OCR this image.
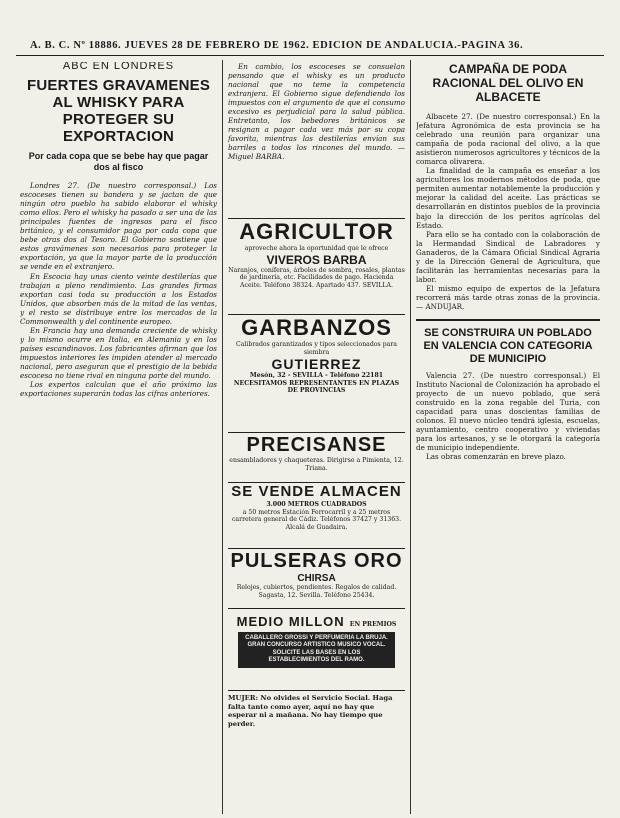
A. B. C. Nº 18886. JUEVES 28 DE FEBRERO DE 1962. EDICION DE ANDALUCIA.-PAGINA 36.
ABC EN LONDRES
FUERTES GRAVAMENES AL WHISKY PARA PROTEGER SU EXPORTACION
Por cada copa que se bebe hay que pagar dos al fisco

Londres 27. (De nuestro corresponsal.) Los escoceses tienen su bandera y se jactan de que ningún otro pueblo ha sabido elaborar el whisky como ellos. Pero el whisky ha pasado a ser una de las principales fuentes de ingresos para el fisco británico, y el consumidor paga por cada copa que bebe otras dos al Tesoro. El Gobierno sostiene que estos gravámenes son necesarios para proteger la exportación, ya que la mayor parte de la producción se vende en el extranjero.

En Escocia hay unas ciento veinte destilerías que trabajan a pleno rendimiento. Las grandes firmas exportan casi toda su producción a los Estados Unidos, que absorben más de la mitad de las ventas, y el resto se distribuye entre los mercados de la Commonwealth y del continente europeo.

En Francia hay una demanda creciente de whisky y lo mismo ocurre en Italia, en Alemania y en los países escandinavos. Los fabricantes afirman que los impuestos interiores les impiden atender al mercado nacional, pero aseguran que el prestigio de la bebida escocesa no tiene rival en ninguna parte del mundo.

Los expertos calculan que el año próximo las exportaciones superarán todas las cifras anteriores.

En cambio, los escoceses se consuelan pensando que el whisky es un producto nacional que no teme la competencia extranjera. El Gobierno sigue defendiendo los impuestos con el argumento de que el consumo excesivo es perjudicial para la salud pública. Entretanto, los bebedores británicos se resignan a pagar cada vez más por su copa favorita, mientras las destilerías envían sus barriles a todos los rincones del mundo. — Miguel BARBA.

AGRICULTOR
aproveche ahora la oportunidad que le ofrece
VIVEROS BARBA
Naranjos, coníferas, árboles de sombra, rosales, plantas de jardinería, etc. Facilidades de pago. Hacienda Aceite. Teléfono 38324. Apartado 437. SEVILLA.
GARBANZOS
Calibrados garantizados y tipos seleccionados para siembra
GUTIERREZ
Mesón, 32 - SEVILLA - Teléfono 22181
NECESITAMOS REPRESENTANTES EN PLAZAS DE PROVINCIAS
PRECISANSE
ensambladores y chaqueteras. Dirigirse a Pimienta, 12. Triana.
SE VENDE ALMACEN
3.000 METROS CUADRADOS
a 50 metros Estación Ferrocarril y a 25 metros carretera general de Cádiz. Teléfonos 37427 y 31363. Alcalá de Guadaira.
PULSERAS ORO
CHIRSA
Relojes, cubiertos, pendientes. Regalos de calidad. Sagasta, 12. Sevilla. Teléfono 25434.
MEDIO MILLON EN PREMIOS
CABALLERO GROSSI Y PERFUMERIA LA BRUJA. GRAN CONCURSO ARTISTICO MUSICO VOCAL. SOLICITE LAS BASES EN LOS ESTABLECIMIENTOS DEL RAMO.
MUJER: No olvides el Servicio Social. Haga falta tanto como ayer, aquí no hay que esperar ni a mañana. No hay tiempo que perder.
CAMPAÑA DE PODA RACIONAL DEL OLIVO EN ALBACETE

Albacete 27. (De nuestro corresponsal.) En la Jefatura Agronómica de esta provincia se ha celebrado una reunión para organizar una campaña de poda racional del olivo, a la que asistieron numerosos agricultores y técnicos de la comarca olivarera.

La finalidad de la campaña es enseñar a los agricultores los modernos métodos de poda, que permiten aumentar notablemente la producción y mejorar la calidad del aceite. Las prácticas se desarrollarán en distintos pueblos de la provincia bajo la dirección de los peritos agrícolas del Estado.

Para ello se ha contado con la colaboración de la Hermandad Sindical de Labradores y Ganaderos, de la Cámara Oficial Sindical Agraria y de la Dirección General de Agricultura, que facilitarán las herramientas necesarias para la labor.

El mismo equipo de expertos de la Jefatura recorrerá más tarde otras zonas de la provincia. — ANDUJAR.

SE CONSTRUIRA UN POBLADO EN VALENCIA CON CATEGORIA DE MUNICIPIO

Valencia 27. (De nuestro corresponsal.) El Instituto Nacional de Colonización ha aprobado el proyecto de un nuevo poblado, que será construido en la zona regable del Turia, con capacidad para unas doscientas familias de colonos. El nuevo núcleo tendrá iglesia, escuelas, ayuntamiento, centro cooperativo y viviendas para los artesanos, y se le otorgará la categoría de municipio independiente.

Las obras comenzarán en breve plazo.
